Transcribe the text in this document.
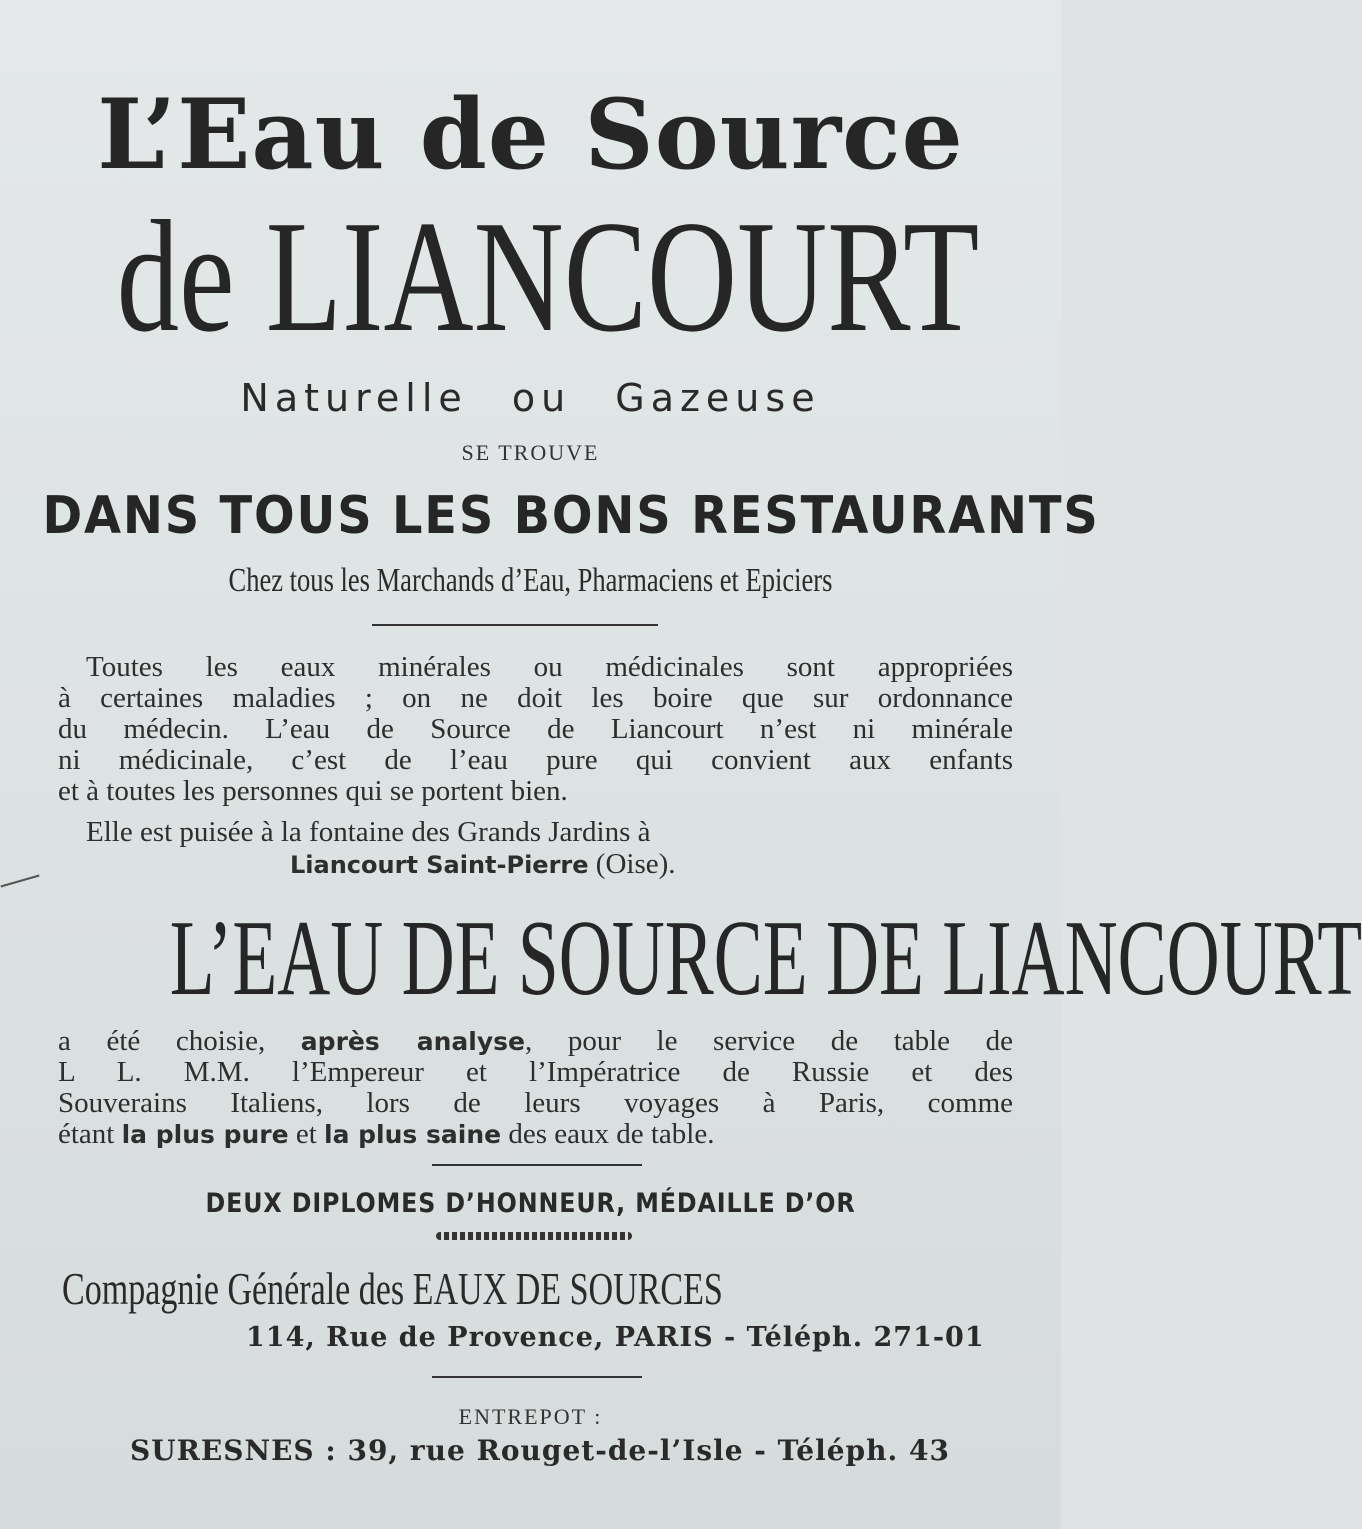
L’Eau de Source
de LIANCOURT
Naturelle ou Gazeuse
SE TROUVE
DANS TOUS LES BONS RESTAURANTS
Chez tous les Marchands d’Eau, Pharmaciens et Epiciers
Toutes les eaux minérales ou médicinales sont appropriées
à certaines maladies ; on ne doit les boire que sur ordonnance
du médecin. L’eau de Source de Liancourt n’est ni minérale
ni médicinale, c’est de l’eau pure qui convient aux enfants
et à toutes les personnes qui se portent bien.
Elle est puisée à la fontaine des Grands Jardins à
Liancourt Saint-Pierre (Oise).
L’EAU DE SOURCE DE LIANCOURT
a été choisie, après analyse, pour le service de table de
L L. M.M. l’Empereur et l’Impératrice de Russie et des
Souverains Italiens, lors de leurs voyages à Paris, comme
étant la plus pure et la plus saine des eaux de table.
DEUX DIPLOMES D’HONNEUR, MÉDAILLE D’OR
Compagnie Générale des EAUX DE SOURCES
114, Rue de Provence, PARIS - Téléph. 271-01
ENTREPOT :
SURESNES : 39, rue Rouget-de-l’Isle - Téléph. 43
